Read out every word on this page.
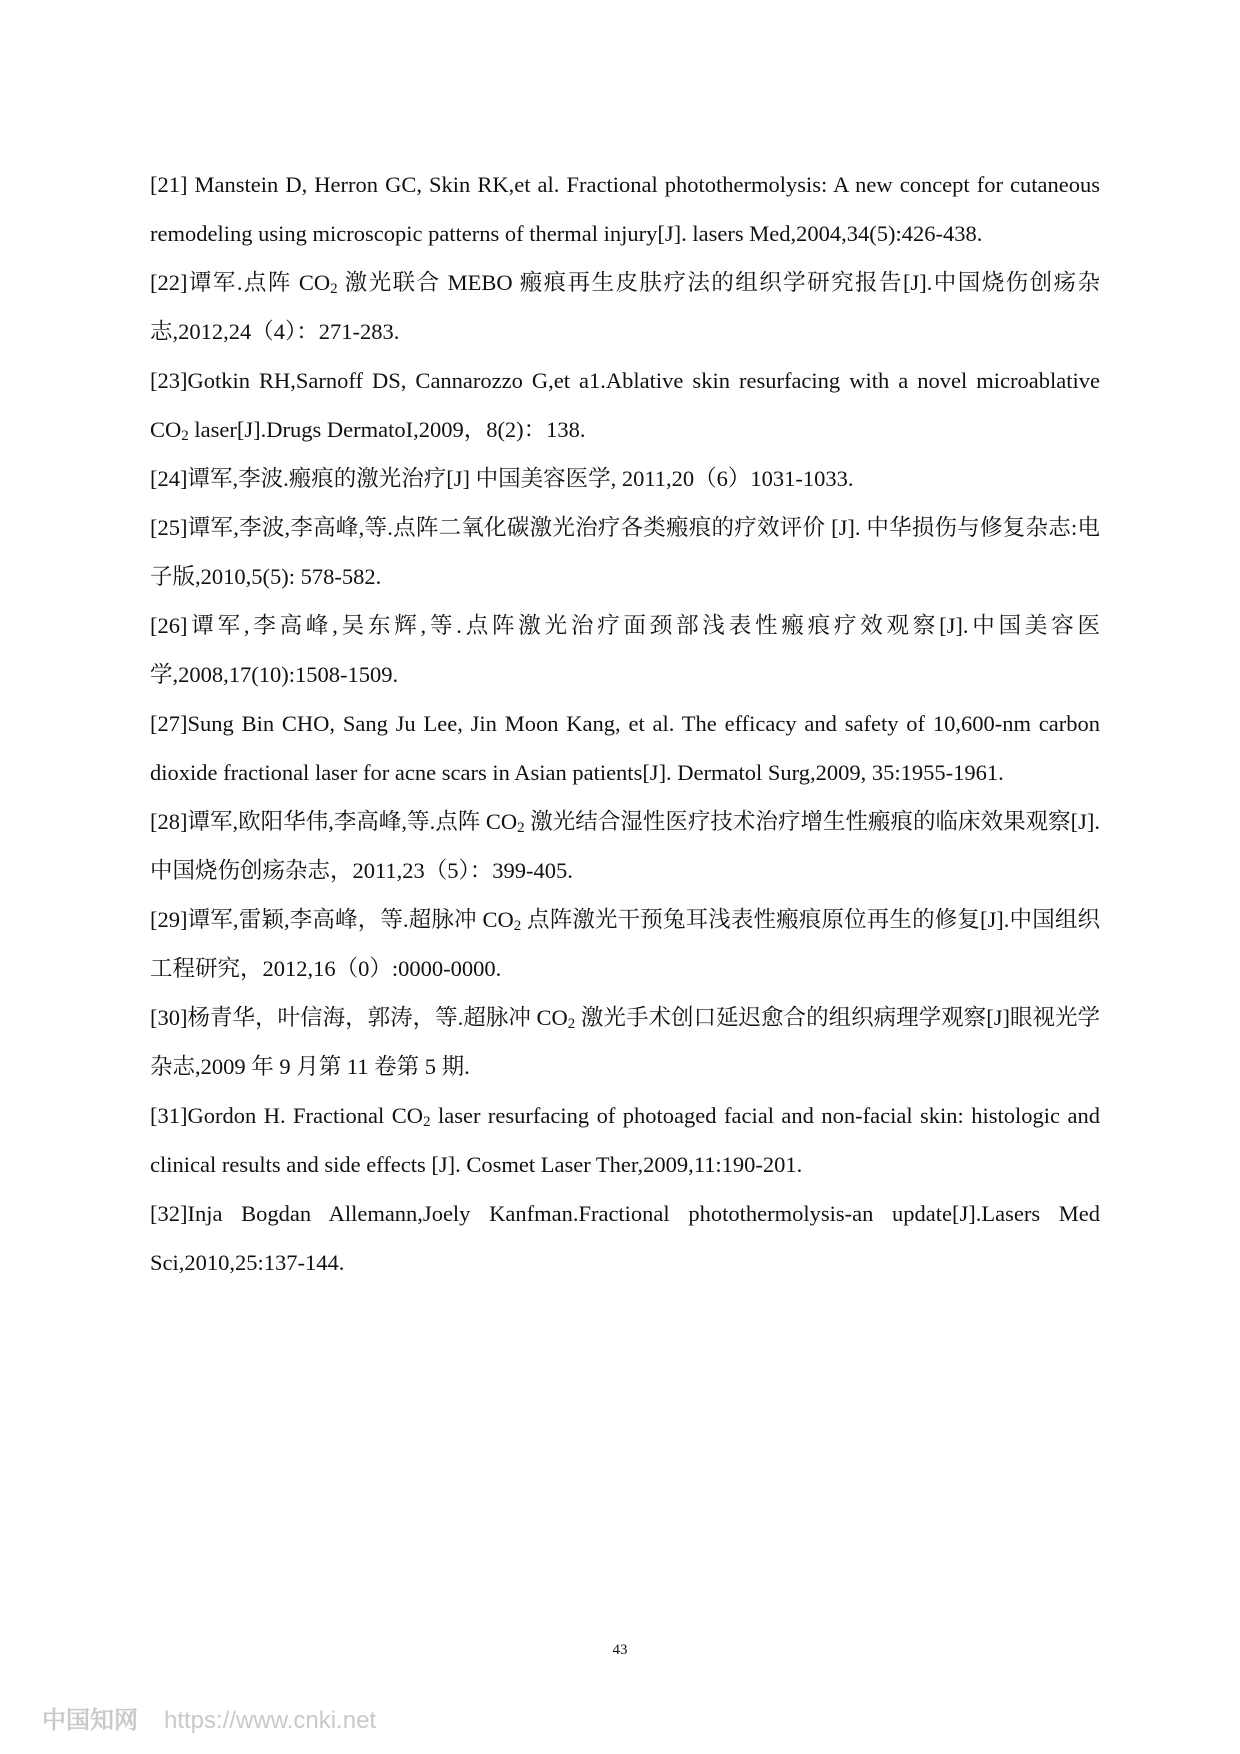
[21] Manstein D, Herron GC, Skin RK,et al. Fractional photothermolysis: A new concept for cutaneous remodeling using microscopic patterns of thermal injury[J]. lasers Med,2004,34(5):426-438.

[22]谭军.点阵 $CO_2$ 激光联合 MEBO 瘢痕再生皮肤疗法的组织学研究报告[J].中国烧伤创疡杂志,2012,24（4）：271-283.

[23]Gotkin RH,Sarnoff DS, Cannarozzo G,et a1.Ablative skin resurfacing with a novel microablative $CO_2$ laser[J].Drugs DermatoI,2009，8(2)：138.

[24]谭军,李波.瘢痕的激光治疗[J] 中国美容医学, 2011,20（6）1031-1033.

[25]谭军,李波,李高峰,等.点阵二氧化碳激光治疗各类瘢痕的疗效评价 [J]. 中华损伤与修复杂志:电子版,2010,5(5): 578-582.

[26]谭军,李高峰,吴东辉,等.点阵激光治疗面颈部浅表性瘢痕疗效观察[J].中国美容医学,2008,17(10):1508-1509.

[27]Sung Bin CHO, Sang Ju Lee, Jin Moon Kang, et al. The efficacy and safety of 10,600-nm carbon dioxide fractional laser for acne scars in Asian patients[J]. Dermatol Surg,2009, 35:1955-1961.

[28]谭军,欧阳华伟,李高峰,等.点阵 $CO_2$ 激光结合湿性医疗技术治疗增生性瘢痕的临床效果观察[J].中国烧伤创疡杂志，2011,23（5）：399-405.

[29]谭军,雷颖,李高峰，等.超脉冲 $CO_2$ 点阵激光干预兔耳浅表性瘢痕原位再生的修复[J].中国组织工程研究，2012,16（0）:0000-0000.

[30]杨青华，叶信海，郭涛，等.超脉冲 $CO_2$ 激光手术创口延迟愈合的组织病理学观察[J]眼视光学杂志,2009 年 9 月第 11 卷第 5 期.

[31]Gordon H. Fractional $CO_2$ laser resurfacing of photoaged facial and non-facial skin: histologic and clinical results and side effects [J]. Cosmet Laser Ther,2009,11:190-201.

[32]Inja Bogdan Allemann,Joely Kanfman.Fractional photothermolysis-an update[J].Lasers Med Sci,2010,25:137-144.

43
中国知网 https://www.cnki.net
